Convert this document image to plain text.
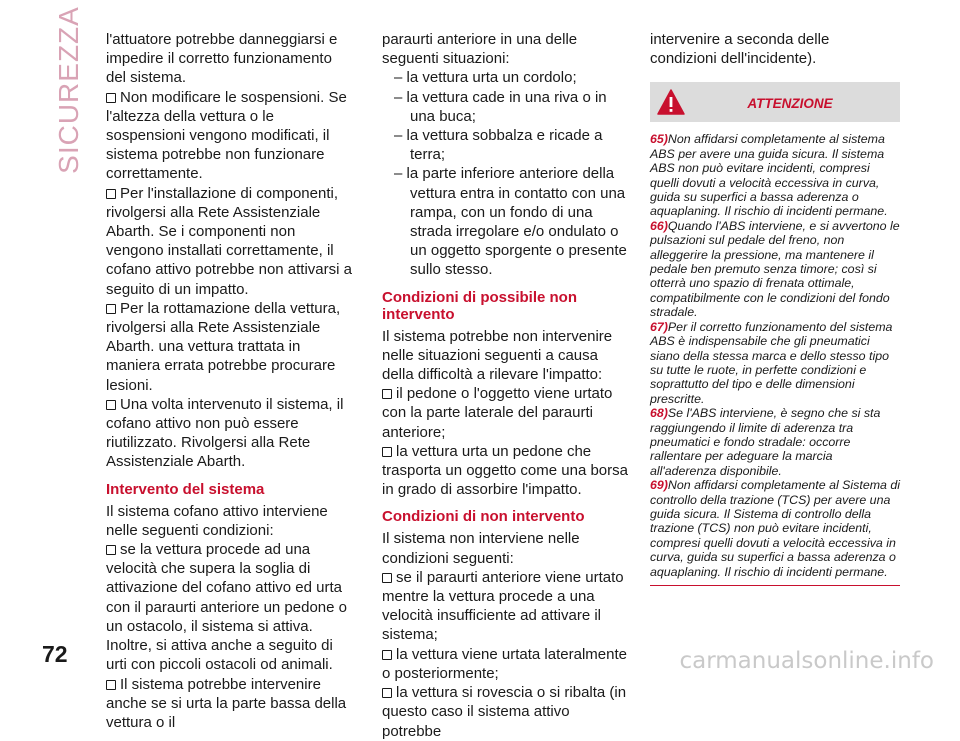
SICUREZZA l'attuatore potrebbe danneggiarsi e impedire il corretto funzionamento del sistema.

Non modificare le sospensioni. Se l'altezza della vettura o le sospensioni vengono modificati, il sistema potrebbe non funzionare correttamente.

Per l'installazione di componenti, rivolgersi alla Rete Assistenziale Abarth. Se i componenti non vengono installati correttamente, il cofano attivo potrebbe non attivarsi a seguito di un impatto.

Per la rottamazione della vettura, rivolgersi alla Rete Assistenziale Abarth. una vettura trattata in maniera errata potrebbe procurare lesioni.

Una volta intervenuto il sistema, il cofano attivo non può essere riutilizzato. Rivolgersi alla Rete Assistenziale Abarth.

Intervento del sistema

Il sistema cofano attivo interviene nelle seguenti condizioni:

se la vettura procede ad una velocità che supera la soglia di attivazione del cofano attivo ed urta con il paraurti anteriore un pedone o un ostacolo, il sistema si attiva. Inoltre, si attiva anche a seguito di urti con piccoli ostacoli od animali.

Il sistema potrebbe intervenire anche se si urta la parte bassa della vettura o il

paraurti anteriore in una delle seguenti situazioni:

– la vettura urta un cordolo;

– la vettura cade in una riva o in una buca;

– la vettura sobbalza e ricade a terra;

– la parte inferiore anteriore della vettura entra in contatto con una rampa, con un fondo di una strada irregolare e/o ondulato o un oggetto sporgente o presente sullo stesso.

Condizioni di possibile non intervento

Il sistema potrebbe non intervenire nelle situazioni seguenti a causa della difficoltà a rilevare l'impatto:

il pedone o l'oggetto viene urtato con la parte laterale del paraurti anteriore;

la vettura urta un pedone che trasporta un oggetto come una borsa in grado di assorbire l'impatto.

Condizioni di non intervento

Il sistema non interviene nelle condizioni seguenti:

se il paraurti anteriore viene urtato mentre la vettura procede a una velocità insufficiente ad attivare il sistema;

la vettura viene urtata lateralmente o posteriormente;

la vettura si rovescia o si ribalta (in questo caso il sistema attivo potrebbe

intervenire a seconda delle condizioni dell'incidente).

ATTENZIONE

65)Non affidarsi completamente al sistema ABS per avere una guida sicura. Il sistema ABS non può evitare incidenti, compresi quelli dovuti a velocità eccessiva in curva, guida su superfici a bassa aderenza o aquaplaning. Il rischio di incidenti permane.

66)Quando l'ABS interviene, e si avvertono le pulsazioni sul pedale del freno, non alleggerire la pressione, ma mantenere il pedale ben premuto senza timore; così si otterrà uno spazio di frenata ottimale, compatibilmente con le condizioni del fondo stradale.

67)Per il corretto funzionamento del sistema ABS è indispensabile che gli pneumatici siano della stessa marca e dello stesso tipo su tutte le ruote, in perfette condizioni e soprattutto del tipo e delle dimensioni prescritte.

68)Se l'ABS interviene, è segno che si sta raggiungendo il limite di aderenza tra pneumatici e fondo stradale: occorre rallentare per adeguare la marcia all'aderenza disponibile.

69)Non affidarsi completamente al Sistema di controllo della trazione (TCS) per avere una guida sicura. Il Sistema di controllo della trazione (TCS) non può evitare incidenti, compresi quelli dovuti a velocità eccessiva in curva, guida su superfici a bassa aderenza o aquaplaning. Il rischio di incidenti permane.

72	carmanualsonline.info
